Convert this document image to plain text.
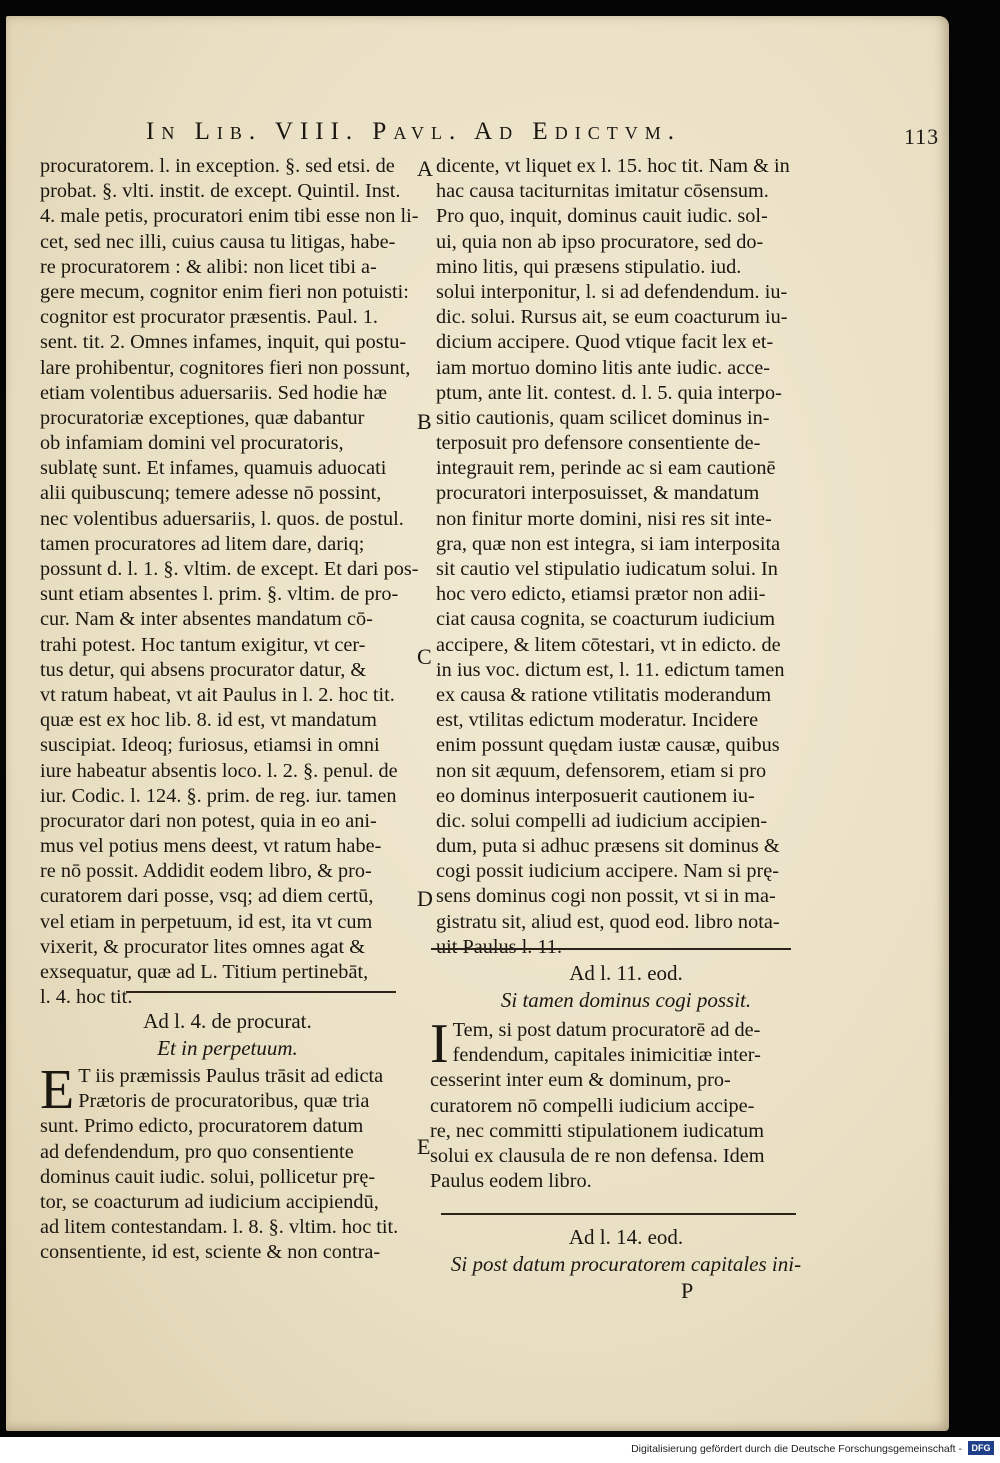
In Lib. VIII. Pavl. Ad Edictvm.	113
procuratorem. l. in exception. §. sed etsi. de
probat. §. vlti. instit. de except. Quintil. Inst.
4. male petis, procuratori enim tibi esse non li-
cet, sed nec illi, cuius causa tu litigas, habe-
re procuratorem : & alibi: non licet tibi a-
gere mecum, cognitor enim fieri non potuisti:
cognitor est procurator præsentis. Paul. 1.
sent. tit. 2. Omnes infames, inquit, qui postu-
lare prohibentur, cognitores fieri non possunt,
etiam volentibus aduersariis. Sed hodie hæ
procuratoriæ exceptiones, quæ dabantur
ob infamiam domini vel procuratoris,
sublatę sunt. Et infames, quamuis aduocati
alii quibuscunq; temere adesse nō possint,
nec volentibus aduersariis, l. quos. de postul.
tamen procuratores ad litem dare, dariq;
possunt d. l. 1. §. vltim. de except. Et dari pos-
sunt etiam absentes l. prim. §. vltim. de pro-
cur. Nam & inter absentes mandatum cō-
trahi potest. Hoc tantum exigitur, vt cer-
tus detur, qui absens procurator datur, &
vt ratum habeat, vt ait Paulus in l. 2. hoc tit.
quæ est ex hoc lib. 8. id est, vt mandatum
suscipiat. Ideoq; furiosus, etiamsi in omni
iure habeatur absentis loco. l. 2. §. penul. de
iur. Codic. l. 124. §. prim. de reg. iur. tamen
procurator dari non potest, quia in eo ani-
mus vel potius mens deest, vt ratum habe-
re nō possit. Addidit eodem libro, & pro-
curatorem dari posse, vsq; ad diem certū,
vel etiam in perpetuum, id est, ita vt cum
vixerit, & procurator lites omnes agat &
exsequatur, quæ ad L. Titium pertinebāt,
l. 4. hoc tit.
Ad l. 4. de procurat.
Et in perpetuum.
E T iis præmissis Paulus trāsit ad edicta
Prætoris de procuratoribus, quæ tria
sunt. Primo edicto, procuratorem datum
ad defendendum, pro quo consentiente
dominus cauit iudic. solui, pollicetur prę-
tor, se coacturum ad iudicium accipiendū,
ad litem contestandam. l. 8. §. vltim. hoc tit.
consentiente, id est, sciente & non contra-
A
B
C
D
E
dicente, vt liquet ex l. 15. hoc tit. Nam & in
hac causa taciturnitas imitatur cōsensum.
Pro quo, inquit, dominus cauit iudic. sol-
ui, quia non ab ipso procuratore, sed do-
mino litis, qui præsens stipulatio. iud.
solui interponitur, l. si ad defendendum. iu-
dic. solui. Rursus ait, se eum coacturum iu-
dicium accipere. Quod vtique facit lex et-
iam mortuo domino litis ante iudic. acce-
ptum, ante lit. contest. d. l. 5. quia interpo-
sitio cautionis, quam scilicet dominus in-
terposuit pro defensore consentiente de-
integrauit rem, perinde ac si eam cautionē
procuratori interposuisset, & mandatum
non finitur morte domini, nisi res sit inte-
gra, quæ non est integra, si iam interposita
sit cautio vel stipulatio iudicatum solui. In
hoc vero edicto, etiamsi prætor non adii-
ciat causa cognita, se coacturum iudicium
accipere, & litem cōtestari, vt in edicto. de
in ius voc. dictum est, l. 11. edictum tamen
ex causa & ratione vtilitatis moderandum
est, vtilitas edictum moderatur. Incidere
enim possunt quędam iustæ causæ, quibus
non sit æquum, defensorem, etiam si pro
eo dominus interposuerit cautionem iu-
dic. solui compelli ad iudicium accipien-
dum, puta si adhuc præsens sit dominus &
cogi possit iudicium accipere. Nam si prę-
sens dominus cogi non possit, vt si in ma-
gistratu sit, aliud est, quod eod. libro nota-
uit Paulus l. 11.
Ad l. 11. eod.
Si tamen dominus cogi possit.
I Tem, si post datum procuratorē ad de-
fendendum, capitales inimicitiæ inter-
cesserint inter eum & dominum, pro-
curatorem nō compelli iudicium accipe-
re, nec committi stipulationem iudicatum
solui ex clausula de re non defensa. Idem
Paulus eodem libro.
Ad l. 14. eod.
Si post datum procuratorem capitales ini-
P
Digitalisierung gefördert durch die Deutsche Forschungsgemeinschaft -	DFG
